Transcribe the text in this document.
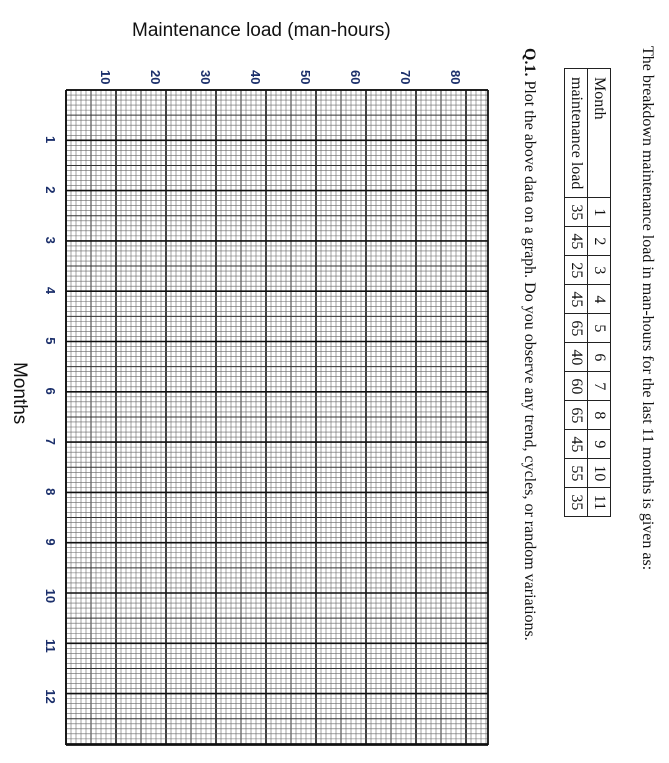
Maintenance load (man-hours)
Months	The breakdown maintenance load in man-hours for the last 11 months is given as:
Month	1	2	3	4	5	6	7	8	9	10	11
maintenance load	35	45	25	45	65	40	60	65	45	55	35
Q.1. Plot the above data on a graph. Do you observe any trend, cycles, or random variations.
10	20	30	40	50	60	70	80
1
2
3
4
5
6
7
8
9
10
11
12
